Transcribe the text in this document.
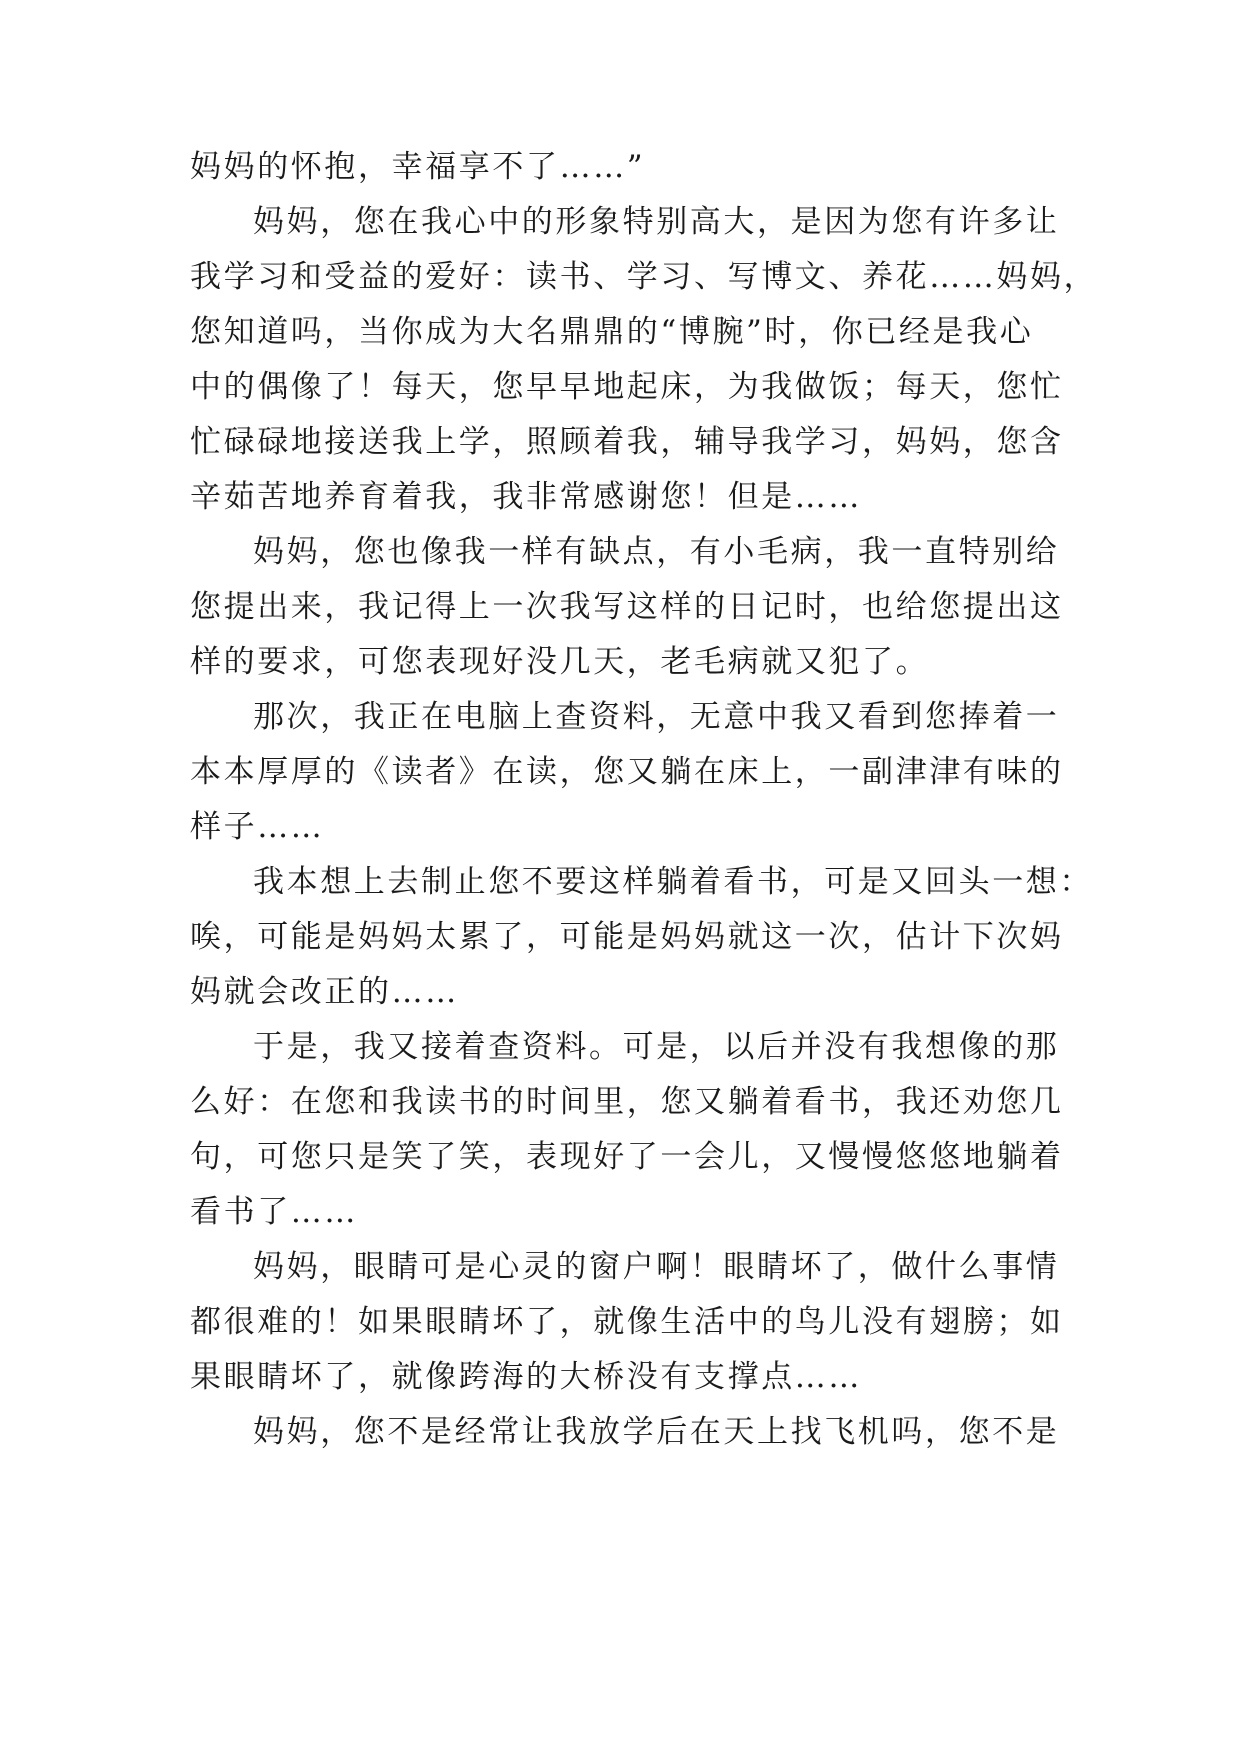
妈妈的怀抱，幸福享不了……”
妈妈，您在我心中的形象特别高大，是因为您有许多让
我学习和受益的爱好：读书、学习、写博文、养花……妈妈，
您知道吗，当你成为大名鼎鼎的“博腕”时，你已经是我心
中的偶像了！每天，您早早地起床，为我做饭；每天，您忙
忙碌碌地接送我上学，照顾着我，辅导我学习，妈妈，您含
辛茹苦地养育着我，我非常感谢您！但是……
妈妈，您也像我一样有缺点，有小毛病，我一直特别给
您提出来，我记得上一次我写这样的日记时，也给您提出这
样的要求，可您表现好没几天，老毛病就又犯了。
那次，我正在电脑上查资料，无意中我又看到您捧着一
本本厚厚的《读者》在读，您又躺在床上，一副津津有味的
样子……
我本想上去制止您不要这样躺着看书，可是又回头一想：
唉，可能是妈妈太累了，可能是妈妈就这一次，估计下次妈
妈就会改正的……
于是，我又接着查资料。可是，以后并没有我想像的那
么好：在您和我读书的时间里，您又躺着看书，我还劝您几
句，可您只是笑了笑，表现好了一会儿，又慢慢悠悠地躺着
看书了……
妈妈，眼睛可是心灵的窗户啊！眼睛坏了，做什么事情
都很难的！如果眼睛坏了，就像生活中的鸟儿没有翅膀；如
果眼睛坏了，就像跨海的大桥没有支撑点……
妈妈，您不是经常让我放学后在天上找飞机吗，您不是
